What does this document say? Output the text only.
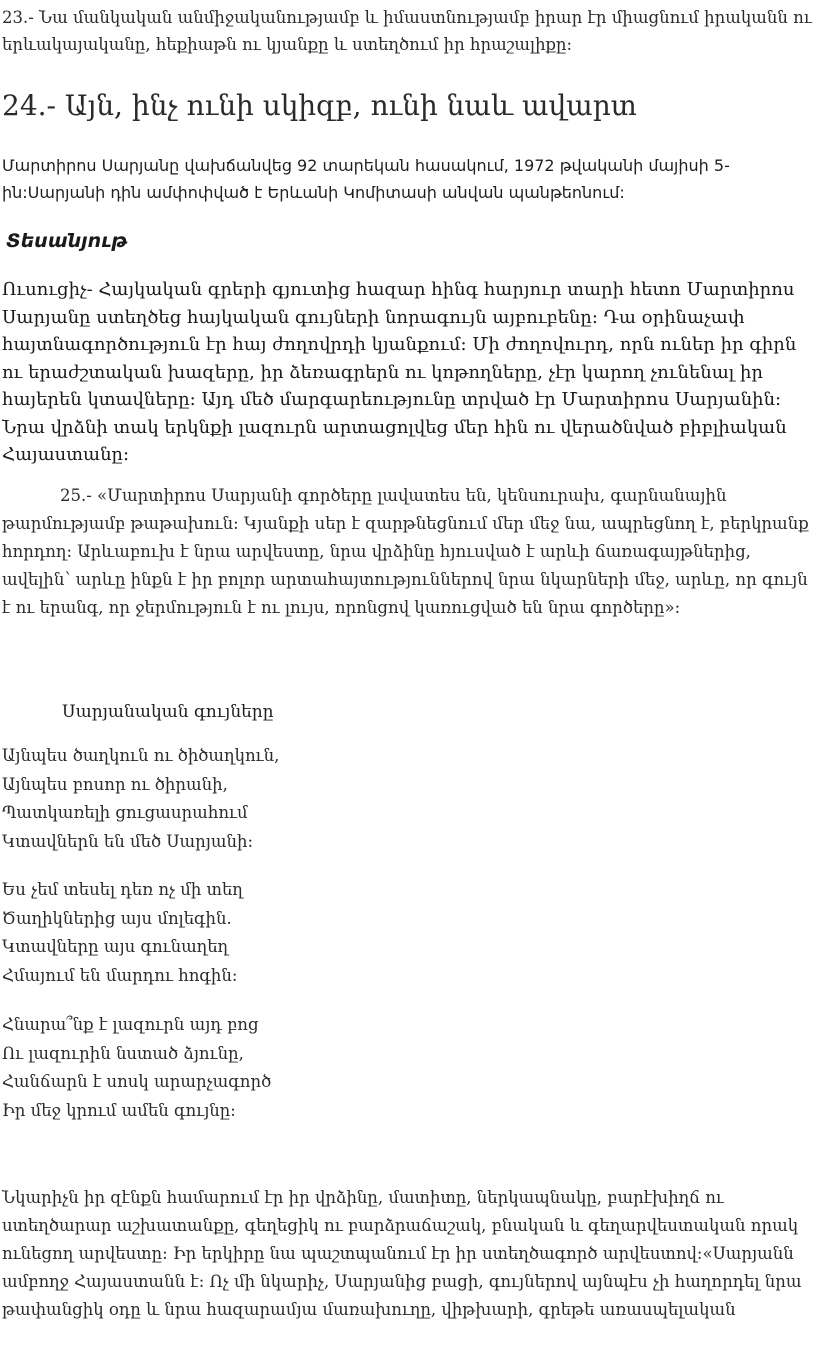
23.- Նա մանկական անմիջականությամբ և իմաստնությամբ իրար էր միացնում իրականն ու երևակայականը, հեքիաթն ու կյանքը և ստեղծում իր հրաշալիքը:

24.- Այն, ինչ ունի սկիզբ, ունի նաև ավարտ

Մարտիրոս Սարյանը վախճանվեց 92 տարեկան հասակում, 1972 թվականի մայիսի 5-ին:Սարյանի դին ամփոփված է Երևանի Կոմիտասի անվան պանթեոնում:

Տեսանյութ

Ուսուցիչ- Հայկական գրերի գյուտից հազար հինգ հարյուր տարի հետո Մարտիրոս Սարյանը ստեղծեց հայկական գույների նորագույն այբուբենը: Դա օրինաչափ հայտնագործություն էր հայ ժողովրդի կյանքում: Մի ժողովուրդ, որն ուներ իր գիրն ու երաժշտական խազերը, իր ձեռագրերն ու կոթողները, չէր կարող չունենալ իր հայերեն կտավները: Այդ մեծ մարգարեությունը տրված էր Մարտիրոս Սարյանին: Նրա վրձնի տակ երկնքի լազուրն արտացոլվեց մեր հին ու վերածնված բիբլիական Հայաստանը:

25.- «Մարտիրոս Սարյանի գործերը լավատես են, կենսուրախ, գարնանային թարմությամբ թաթախուն: Կյանքի սեր է զարթնեցնում մեր մեջ նա, ապրեցնող է, բերկրանք հորդող: Արևաբուխ է նրա արվեստը, նրա վրձինը հյուսված է արևի ճառագայթներից, ավելին՝ արևը ինքն է իր բոլոր արտահայտություններով նրա նկարների մեջ, արևը, որ գույն է ու երանգ, որ ջերմություն է ու լույս, որոնցով կառուցված են նրա գործերը»:

Սարյանական գույները

Այնպես ծաղկուն ու ծիծաղկուն,
Այնպես բոսոր ու ծիրանի,
Պատկառելի ցուցասրահում
Կտավներն են մեծ Սարյանի:
Ես չեմ տեսել դեռ ոչ մի տեղ
Ծաղիկներից այս մոլեգին.
Կտավները այս գունաղեղ
Հմայում են մարդու հոգին:
Հնարա՞նք է լազուրն այդ բոց
Ու լազուրին նստած ձյունը,
Հանճարն է սոսկ արարչագործ
Իր մեջ կրում ամեն գույնը:

Նկարիչն իր զէնքն համարում էր իր վրձինը, մատիտը, ներկապնակը, բարէխիղճ ու ստեղծարար աշխատանքը, գեղեցիկ ու բարձրաճաշակ, բնական և գեղարվեստական որակ ունեցող արվեստը: Իր երկիրը նա պաշտպանում էր իր ստեղծագործ արվեստով:«Սարյանն ամբողջ Հայաստանն է: Ոչ մի նկարիչ, Սարյանից բացի, գույներով այնպէս չի հաղորդել նրա թափանցիկ օդը և նրա հազարամյա մառախուղը, վիթխարի, գրեթե առասպելական
